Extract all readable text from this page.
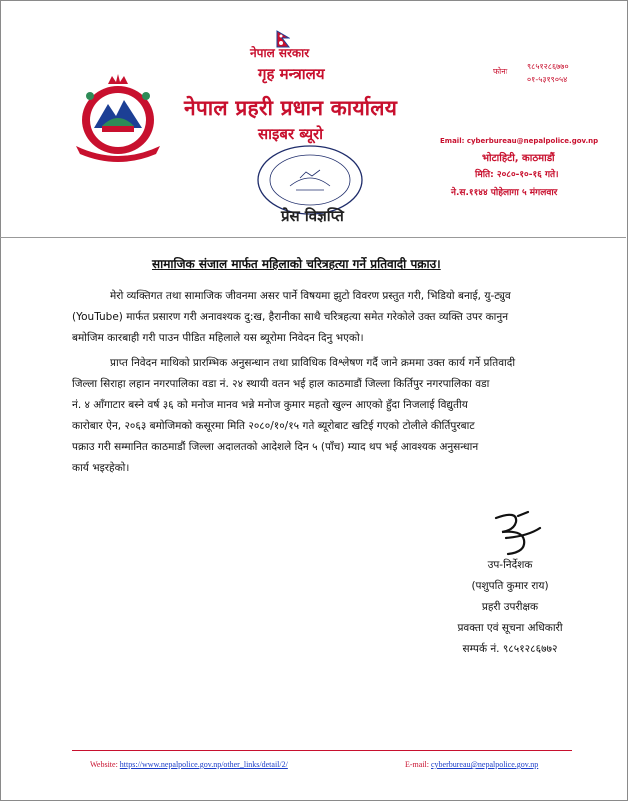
नेपाल सरकार
गृह मन्त्रालय
नेपाल प्रहरी प्रधान कार्यालय
साइबर ब्यूरो
फोनः
९८५१२८६७७०
०१-५३१९०५४
Email: cyberbureau@nepalpolice.gov.np
भोटाहिटी, काठमाडौं
मिति: २०८०-१०-१६ गते।
ने.स.११४४ पोहेलागा ५ मंगलवार
प्रेस विज्ञप्ति
सामाजिक संजाल मार्फत महिलाको चरित्रहत्या गर्ने प्रतिवादी पक्राउ।
मेरो व्यक्तिगत तथा सामाजिक जीवनमा असर पार्ने विषयमा झुटो विवरण प्रस्तुत गरी, भिडियो बनाई, यु-ट्युव
(YouTube) मार्फत प्रसारण गरी अनावश्यक दु:ख, हैरानीका साथै चरित्रहत्या समेत गरेकोले उक्त व्यक्ति उपर कानुन
बमोजिम कारबाही गरी पाउन पीडित महिलाले यस ब्यूरोमा निवेदन दिनु भएको।
प्राप्त निवेदन माथिको प्रारम्भिक अनुसन्धान तथा प्राविधिक विश्लेषण गर्दै जाने क्रममा उक्त कार्य गर्ने प्रतिवादी
जिल्ला सिराहा लहान नगरपालिका वडा नं. २४ स्थायी वतन भई हाल काठमाडौं जिल्ला किर्तिपुर नगरपालिका वडा
नं. ४ आँगाटार बस्ने वर्ष ३६ को मनोज मानव भन्ने मनोज कुमार महतो खुल्न आएको हुँदा निजलाई विद्युतीय
कारोबार ऐन, २०६३ बमोजिमको कसूरमा मिति २०८०/१०/१५ गते ब्यूरोबाट खटिई गएको टोलीले कीर्तिपुरबाट
पक्राउ गरी सम्मानित काठमाडौं जिल्ला अदालतको आदेशले दिन ५ (पाँच) म्याद थप भई आवश्यक अनुसन्धान
कार्य भइरहेको।
उप-निर्देशक
(पशुपति कुमार राय)
प्रहरी उपरीक्षक
प्रवक्ता एवं सूचना अधिकारी
सम्पर्क नं. ९८५१२८६७७२
Website: https://www.nepalpolice.gov.np/other_links/detail/2/	E-mail: cyberbureau@nepalpolice.gov.np
